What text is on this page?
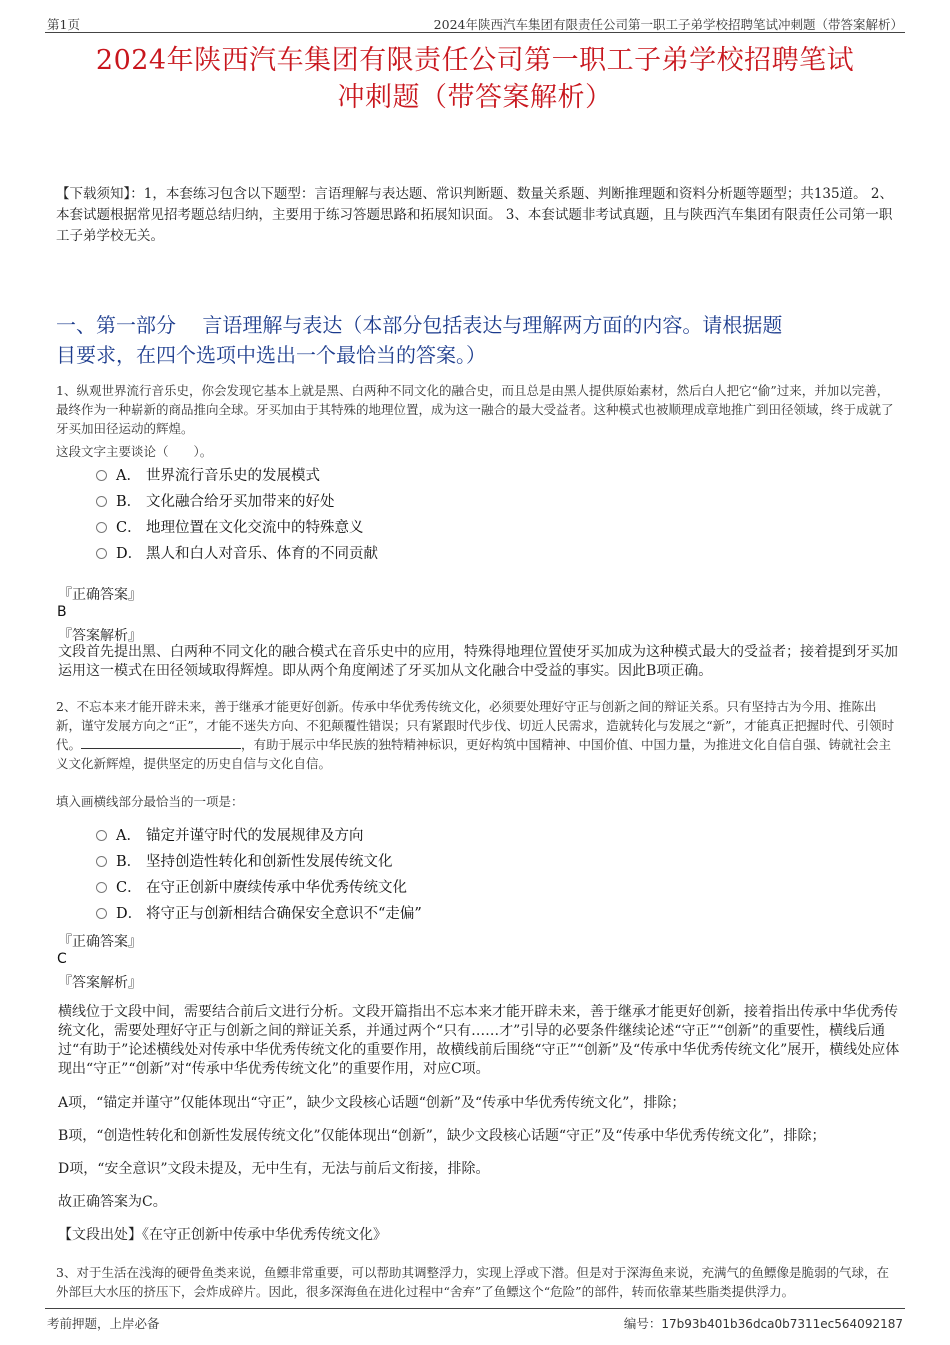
第1页	2024年陕西汽车集团有限责任公司第一职工子弟学校招聘笔试冲刺题（带答案解析）
2024年陕西汽车集团有限责任公司第一职工子弟学校招聘笔试
冲刺题（带答案解析）
【下载须知】：1，本套练习包含以下题型：言语理解与表达题、常识判断题、数量关系题、判断推理题和资料分析题等题型；共135道。 2、本套试题根据常见招考题总结归纳，主要用于练习答题思路和拓展知识面。 3、本套试题非考试真题，且与陕西汽车集团有限责任公司第一职工子弟学校无关。
一、第一部分　 言语理解与表达（本部分包括表达与理解两方面的内容。请根据题
目要求，在四个选项中选出一个最恰当的答案。）
1、纵观世界流行音乐史，你会发现它基本上就是黑、白两种不同文化的融合史，而且总是由黑人提供原始素材，然后白人把它“偷”过来，并加以完善，最终作为一种崭新的商品推向全球。牙买加由于其特殊的地理位置，成为这一融合的最大受益者。这种模式也被顺理成章地推广到田径领域，终于成就了牙买加田径运动的辉煌。
这段文字主要谈论（　　）。
A． 世界流行音乐史的发展模式
B． 文化融合给牙买加带来的好处
C． 地理位置在文化交流中的特殊意义
D． 黑人和白人对音乐、体育的不同贡献
『正确答案』
B
『答案解析』
文段首先提出黑、白两种不同文化的融合模式在音乐史中的应用，特殊得地理位置使牙买加成为这种模式最大的受益者；接着提到牙买加运用这一模式在田径领域取得辉煌。即从两个角度阐述了牙买加从文化融合中受益的事实。因此B项正确。
2、不忘本来才能开辟未来，善于继承才能更好创新。传承中华优秀传统文化，必须要处理好守正与创新之间的辩证关系。只有坚持古为今用、推陈出新，谨守发展方向之“正”，才能不迷失方向、不犯颠覆性错误；只有紧跟时代步伐、切近人民需求，造就转化与发展之“新”，才能真正把握时代、引领时代。	，有助于展示中华民族的独特精神标识，更好构筑中国精神、中国价值、中国力量，为推进文化自信自强、铸就社会主义文化新辉煌，提供坚定的历史自信与文化自信。
填入画横线部分最恰当的一项是：
A． 锚定并谨守时代的发展规律及方向
B． 坚持创造性转化和创新性发展传统文化
C． 在守正创新中赓续传承中华优秀传统文化
D． 将守正与创新相结合确保安全意识不“走偏”
『正确答案』
C
『答案解析』
横线位于文段中间，需要结合前后文进行分析。文段开篇指出不忘本来才能开辟未来，善于继承才能更好创新，接着指出传承中华优秀传统文化，需要处理好守正与创新之间的辩证关系，并通过两个“只有……才”引导的必要条件继续论述“守正”“创新”的重要性，横线后通过“有助于”论述横线处对传承中华优秀传统文化的重要作用，故横线前后围绕“守正”“创新”及“传承中华优秀传统文化”展开，横线处应体现出“守正”“创新”对“传承中华优秀传统文化”的重要作用，对应C项。
A项，“锚定并谨守”仅能体现出“守正”，缺少文段核心话题“创新”及“传承中华优秀传统文化”，排除；
B项，“创造性转化和创新性发展传统文化”仅能体现出“创新”，缺少文段核心话题“守正”及“传承中华优秀传统文化”，排除；
D项，“安全意识”文段未提及，无中生有，无法与前后文衔接，排除。
故正确答案为C。
【文段出处】《在守正创新中传承中华优秀传统文化》
3、对于生活在浅海的硬骨鱼类来说，鱼鳔非常重要，可以帮助其调整浮力，实现上浮或下潜。但是对于深海鱼来说，充满气的鱼鳔像是脆弱的气球，在外部巨大水压的挤压下，会炸成碎片。因此，很多深海鱼在进化过程中“舍弃”了鱼鳔这个“危险”的部件，转而依靠某些脂类提供浮力。
考前押题，上岸必备	编号：17b93b401b36dca0b7311ec564092187
